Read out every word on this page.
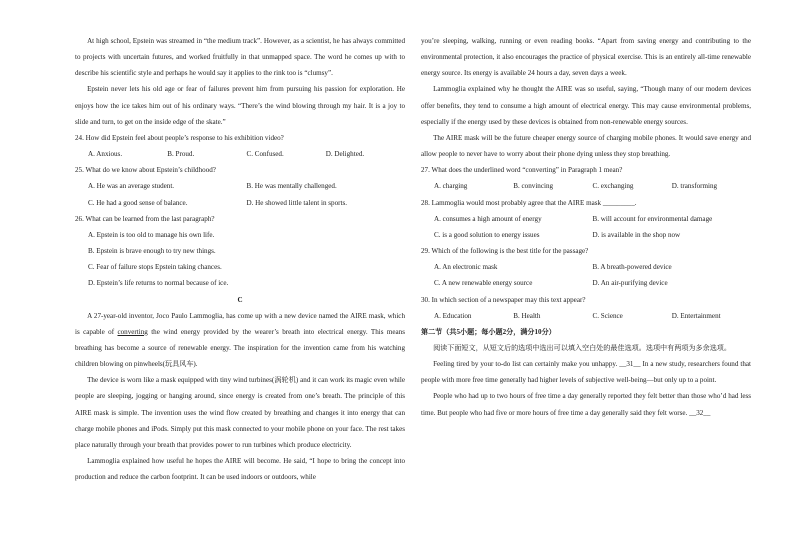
At high school, Epstein was streamed in “the medium track”. However, as a scientist, he has always committed to projects with uncertain futures, and worked fruitfully in that unmapped space. The word he comes up with to describe his scientific style and perhaps he would say it applies to the rink too is “clumsy”.

Epstein never lets his old age or fear of failures prevent him from pursuing his passion for exploration. He enjoys how the ice takes him out of his ordinary ways. “There’s the wind blowing through my hair. It is a joy to slide and turn, to get on the inside edge of the skate.”

24. How did Epstein feel about people’s response to his exhibition video?

A. Anxious.	B. Proud.	C. Confused.	D. Delighted.

25. What do we know about Epstein’s childhood?

A. He was an average student.	B. He was mentally challenged.
C. He had a good sense of balance.	D. He showed little talent in sports.

26. What can be learned from the last paragraph?

A. Epstein is too old to manage his own life.

B. Epstein is brave enough to try new things.

C. Fear of failure stops Epstein taking chances.

D. Epstein’s life returns to normal because of ice.

C

A 27-year-old inventor, Joco Paulo Lammoglia, has come up with a new device named the AIRE mask, which is capable of converting the wind energy provided by the wearer’s breath into electrical energy. This means breathing has become a source of renewable energy. The inspiration for the invention came from his watching children blowing on pinwheels(玩具风车).

The device is worn like a mask equipped with tiny wind turbines(涡轮机) and it can work its magic even while people are sleeping, jogging or hanging around, since energy is created from one’s breath. The principle of this AIRE mask is simple. The invention uses the wind flow created by breathing and changes it into energy that can charge mobile phones and iPods. Simply put this mask connected to your mobile phone on your face. The rest takes place naturally through your breath that provides power to run turbines which produce electricity.

Lammoglia explained how useful he hopes the AIRE will become. He said, “I hope to bring the concept into production and reduce the carbon footprint. It can be used indoors or outdoors, while

you’re sleeping, walking, running or even reading books. “Apart from saving energy and contributing to the environmental protection, it also encourages the practice of physical exercise. This is an entirely all-time renewable energy source. Its energy is available 24 hours a day, seven days a week.

Lammoglia explained why he thought the AIRE was so useful, saying, “Though many of our modern devices offer benefits, they tend to consume a high amount of electrical energy. This may cause environmental problems, especially if the energy used by these devices is obtained from non-renewable energy sources.

The AIRE mask will be the future cheaper energy source of charging mobile phones. It would save energy and allow people to never have to worry about their phone dying unless they stop breathing.

27. What does the underlined word “converting” in Paragraph 1 mean?

A. charging	B. convincing	C. exchanging	D. transforming

28. Lammoglia would most probably agree that the AIRE mask _________.

A. consumes a high amount of energy	B. will account for environmental damage
C. is a good solution to energy issues	D. is available in the shop now

29. Which of the following is the best title for the passage?

A. An electronic mask	B. A breath-powered device
C. A new renewable energy source	D. An air-purifying device

30. In which section of a newspaper may this text appear?

A. Education	B. Health	C. Science	D. Entertainment

第二节（共5小题；每小题2分，满分10分）

阅读下面短文，从短文后的选项中选出可以填入空白处的最佳选项。选项中有两项为多余选项。

Feeling tired by your to-do list can certainly make you unhappy. __31__ In a new study, researchers found that people with more free time generally had higher levels of subjective well-being—but only up to a point.

People who had up to two hours of free time a day generally reported they felt better than those who’d had less time. But people who had five or more hours of free time a day generally said they felt worse. __32__
